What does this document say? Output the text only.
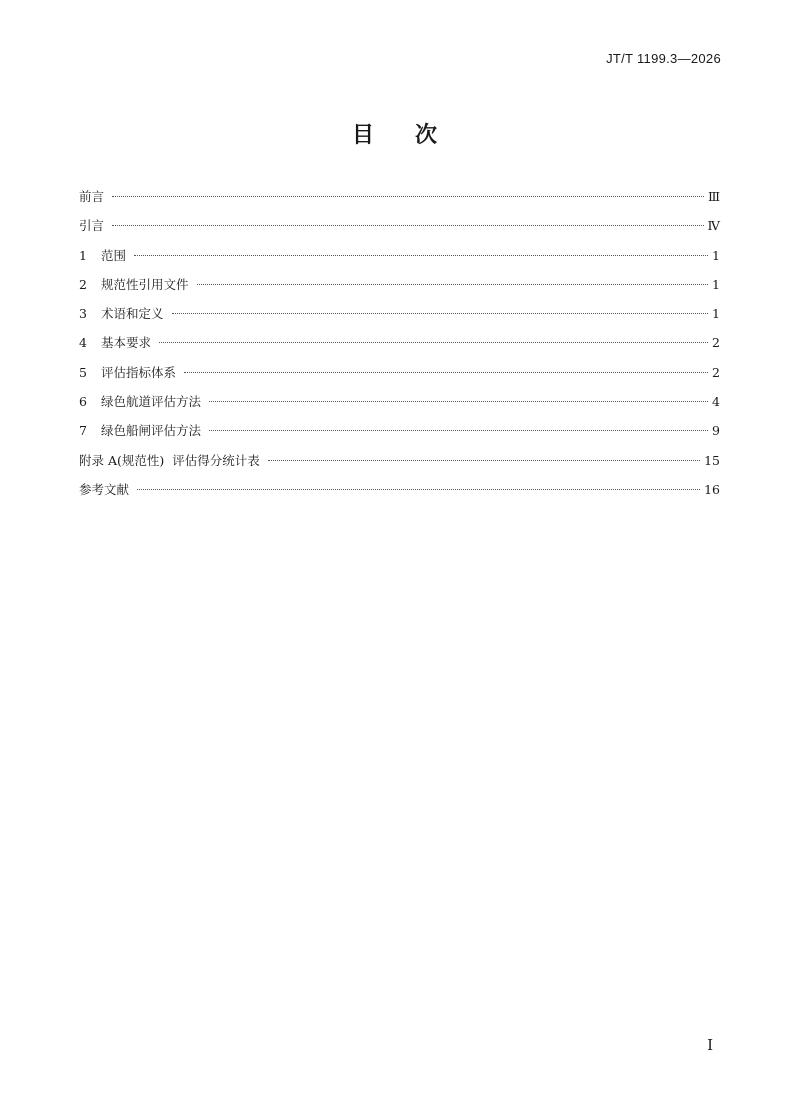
JT/T 1199.3—2026
目 次
前言	Ⅲ
引言	Ⅳ
1	范围	1
2	规范性引用文件	1
3	术语和定义	1
4	基本要求	2
5	评估指标体系	2
6	绿色航道评估方法	4
7	绿色船闸评估方法	9
附录 A(规范性)  评估得分统计表	15
参考文献	16
I
